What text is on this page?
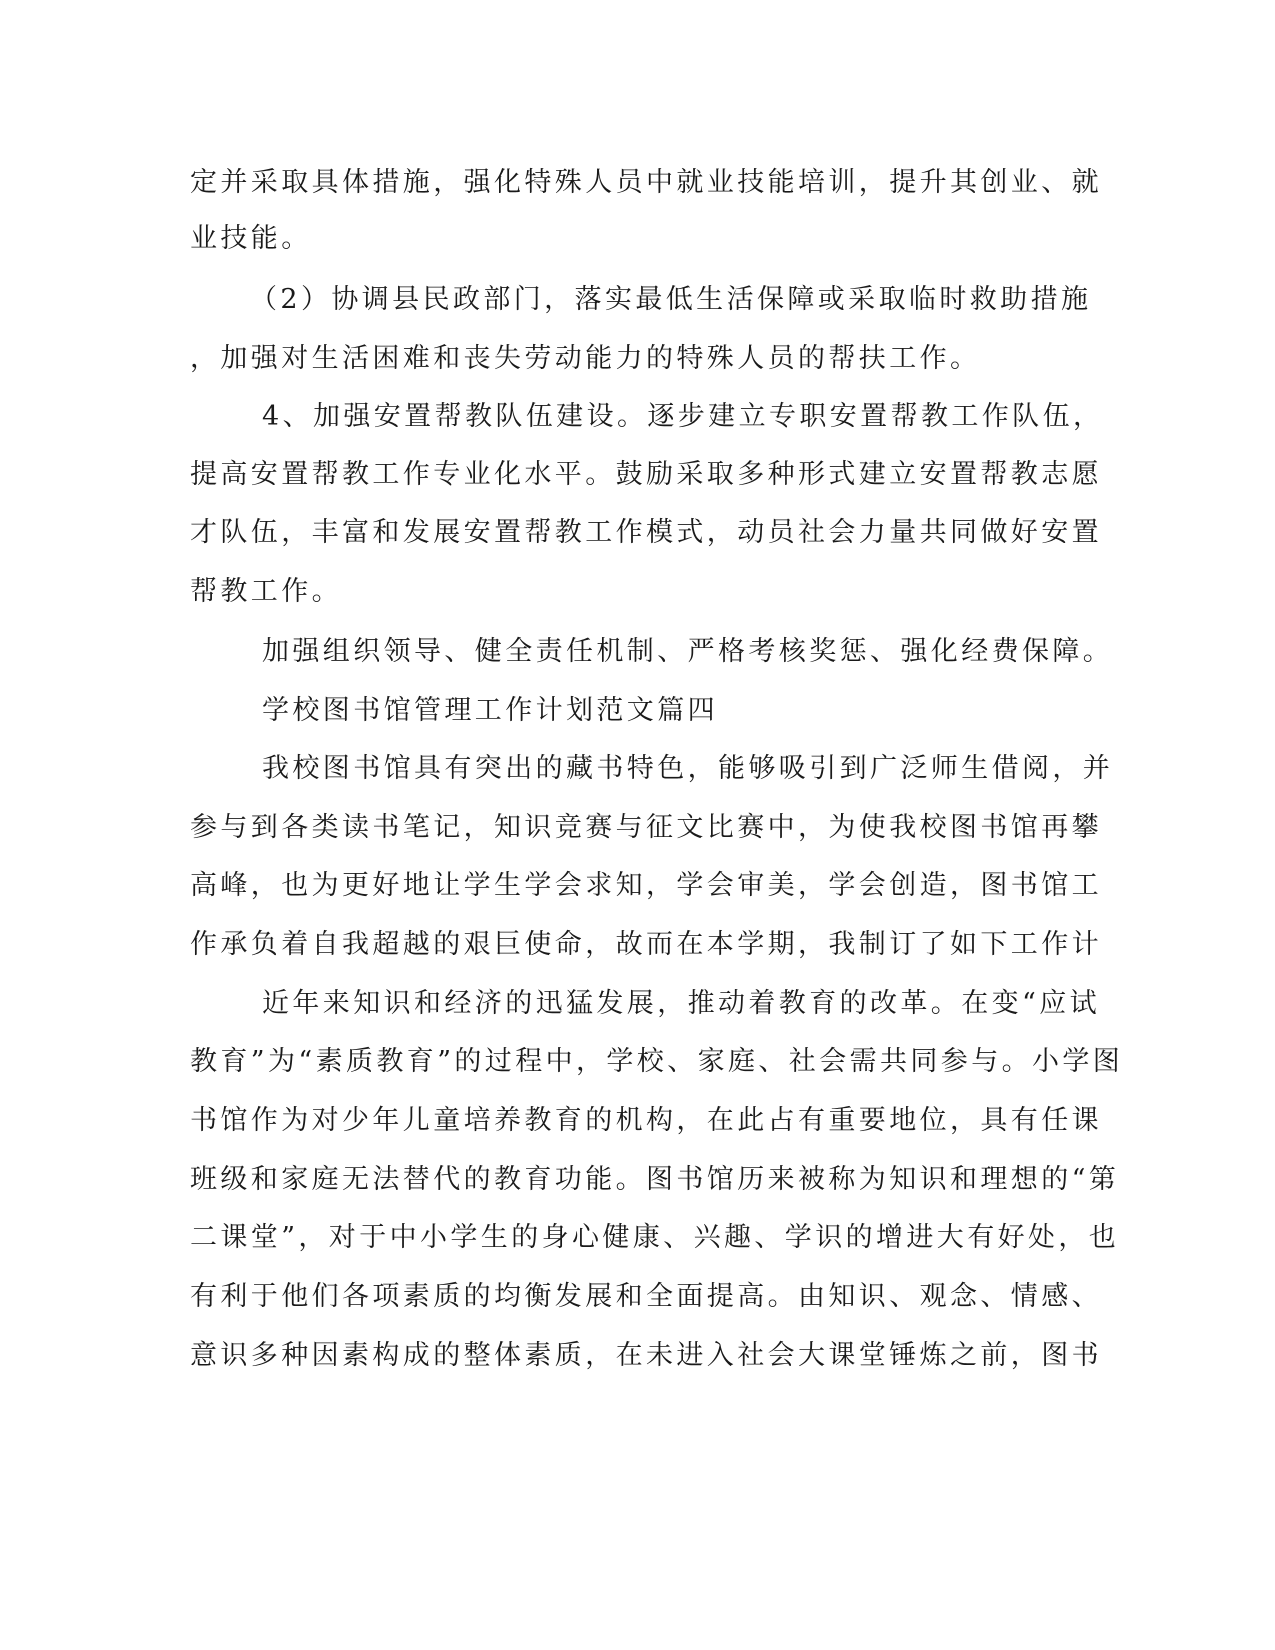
定并采取具体措施，强化特殊人员中就业技能培训，提升其创业、就
业技能。
（2）协调县民政部门，落实最低生活保障或采取临时救助措施
，加强对生活困难和丧失劳动能力的特殊人员的帮扶工作。
4、加强安置帮教队伍建设。逐步建立专职安置帮教工作队伍，
提高安置帮教工作专业化水平。鼓励采取多种形式建立安置帮教志愿
才队伍，丰富和发展安置帮教工作模式，动员社会力量共同做好安置
帮教工作。
加强组织领导、健全责任机制、严格考核奖惩、强化经费保障。
学校图书馆管理工作计划范文篇四
我校图书馆具有突出的藏书特色，能够吸引到广泛师生借阅，并
参与到各类读书笔记，知识竞赛与征文比赛中，为使我校图书馆再攀
高峰，也为更好地让学生学会求知，学会审美，学会创造，图书馆工
作承负着自我超越的艰巨使命，故而在本学期，我制订了如下工作计
近年来知识和经济的迅猛发展，推动着教育的改革。在变“应试
教育”为“素质教育”的过程中，学校、家庭、社会需共同参与。小学图
书馆作为对少年儿童培养教育的机构，在此占有重要地位，具有任课
班级和家庭无法替代的教育功能。图书馆历来被称为知识和理想的“第
二课堂”，对于中小学生的身心健康、兴趣、学识的增进大有好处，也
有利于他们各项素质的均衡发展和全面提高。由知识、观念、情感、
意识多种因素构成的整体素质，在未进入社会大课堂锤炼之前，图书
